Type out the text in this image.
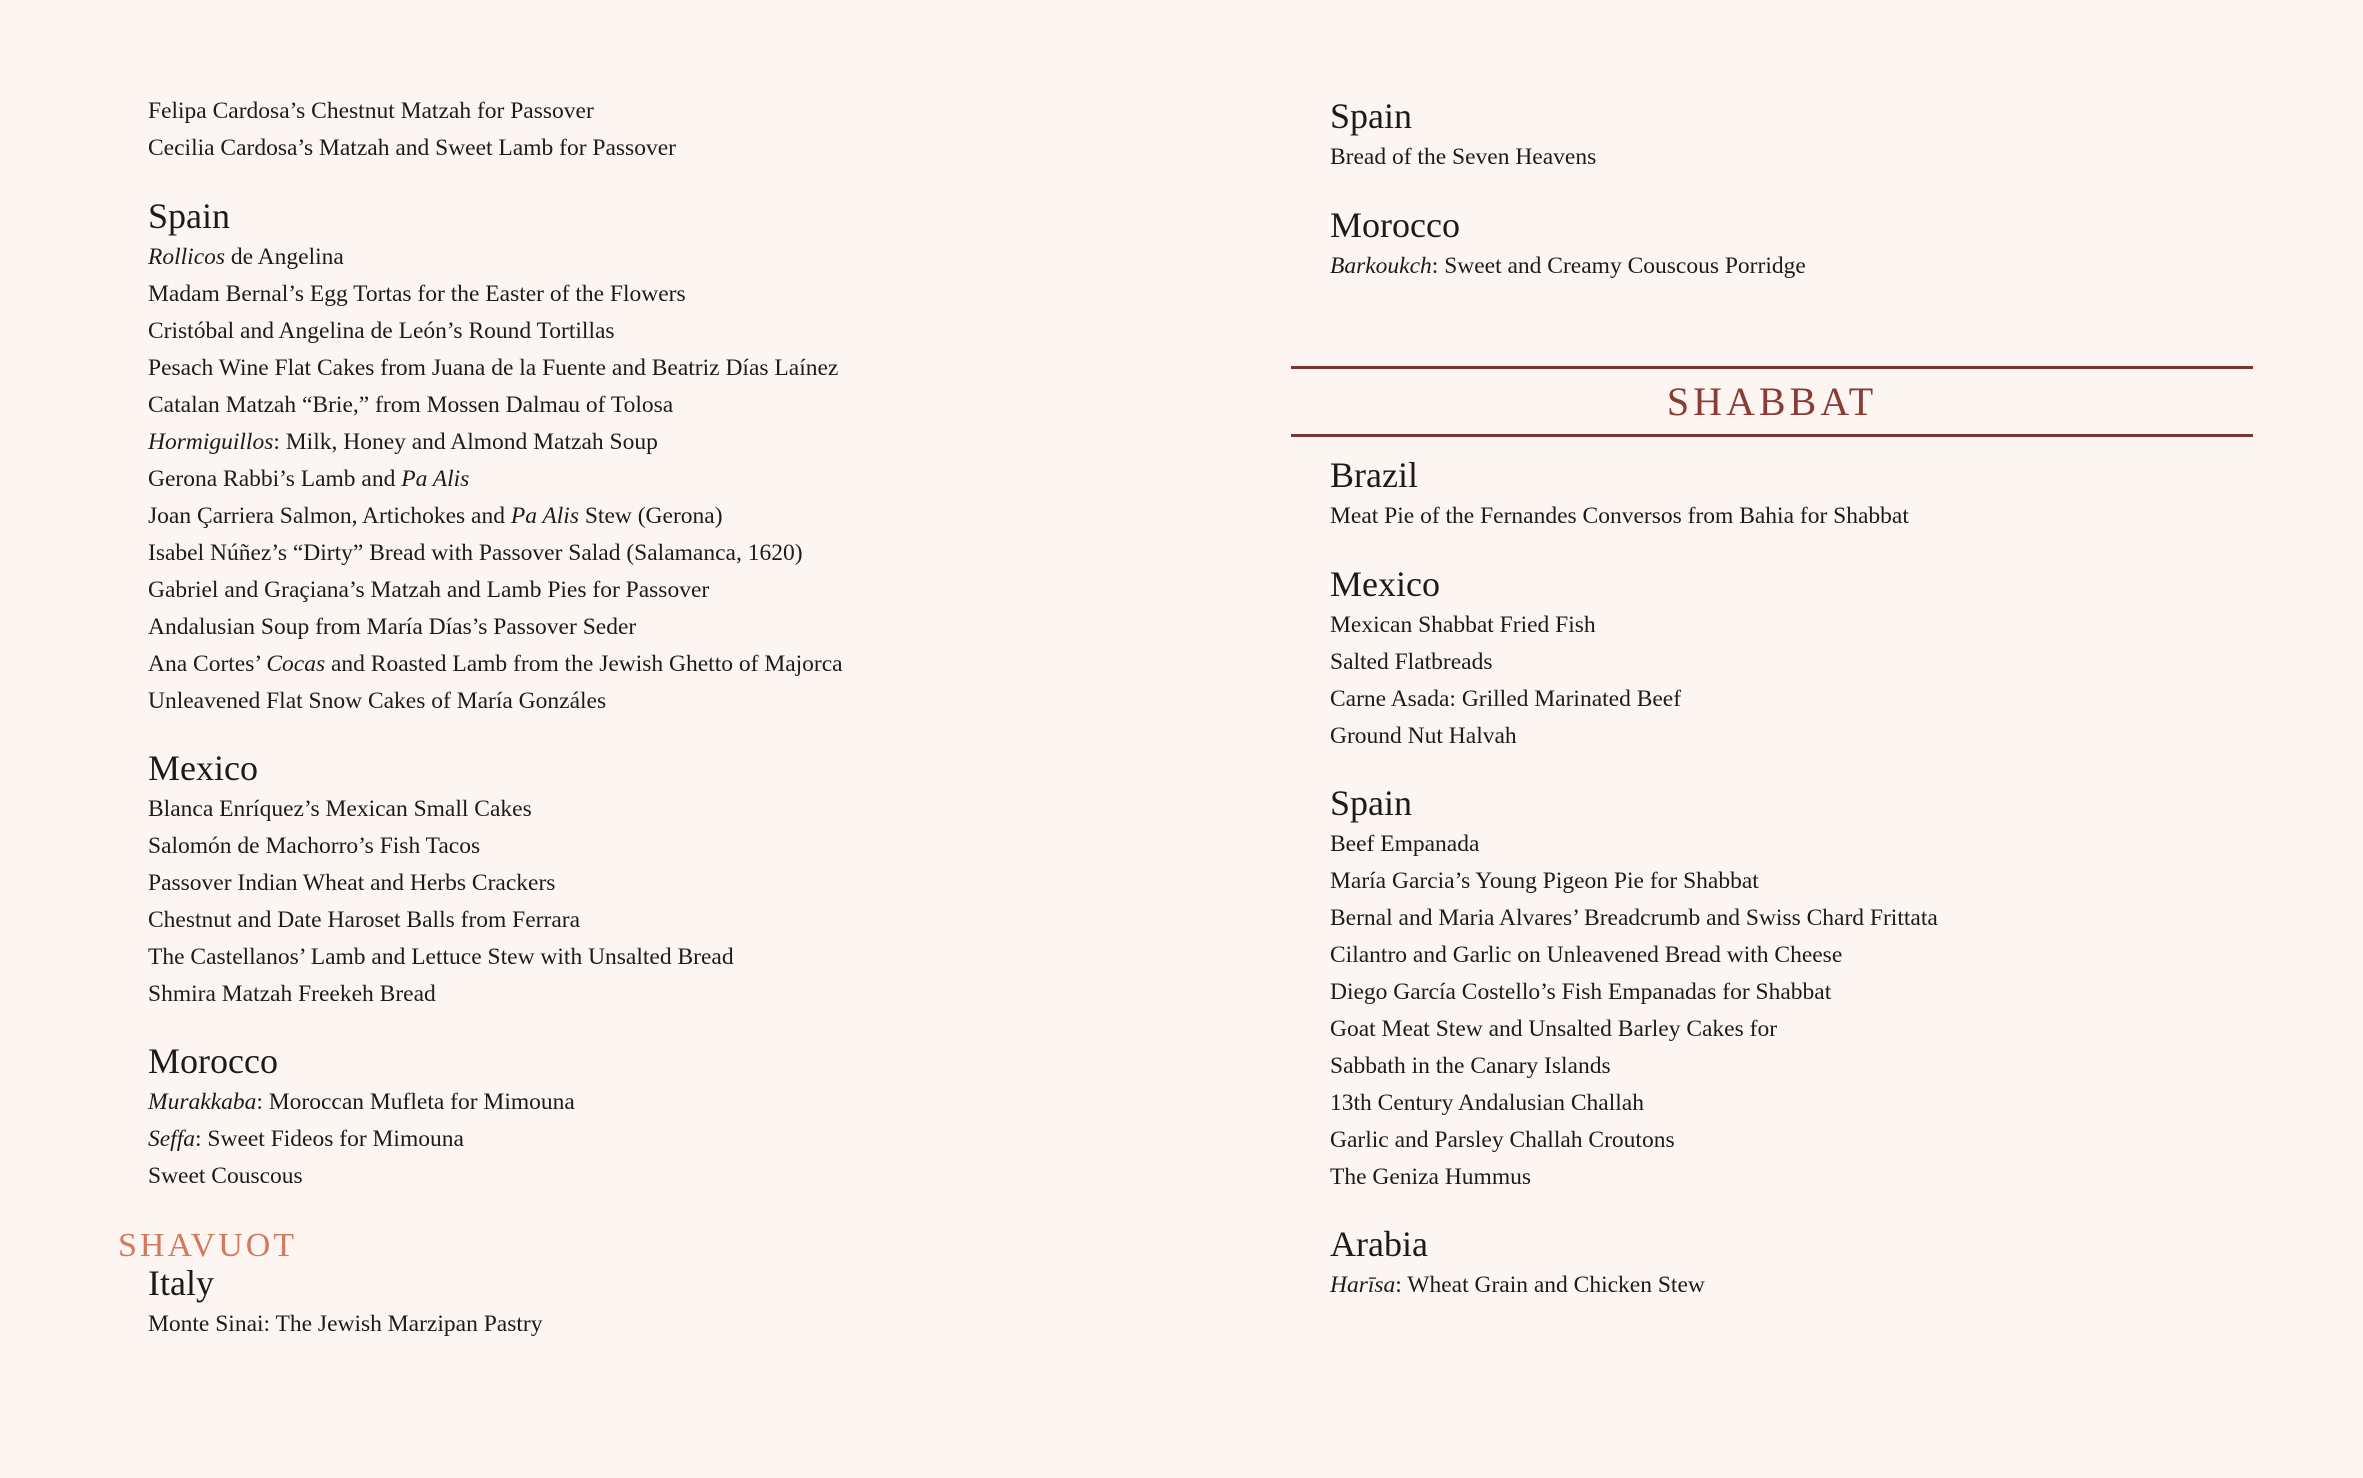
Felipa Cardosa’s Chestnut Matzah for Passover
Cecilia Cardosa’s Matzah and Sweet Lamb for Passover
Spain
Rollicos de Angelina
Madam Bernal’s Egg Tortas for the Easter of the Flowers
Cristóbal and Angelina de León’s Round Tortillas
Pesach Wine Flat Cakes from Juana de la Fuente and Beatriz Días Laínez
Catalan Matzah “Brie,” from Mossen Dalmau of Tolosa
Hormiguillos: Milk, Honey and Almond Matzah Soup
Gerona Rabbi’s Lamb and Pa Alis
Joan Çarriera Salmon, Artichokes and Pa Alis Stew (Gerona)
Isabel Núñez’s “Dirty” Bread with Passover Salad (Salamanca, 1620)
Gabriel and Graçiana’s Matzah and Lamb Pies for Passover
Andalusian Soup from María Días’s Passover Seder
Ana Cortes’ Cocas and Roasted Lamb from the Jewish Ghetto of Majorca
Unleavened Flat Snow Cakes of María Gonzáles
Mexico
Blanca Enríquez’s Mexican Small Cakes
Salomón de Machorro’s Fish Tacos
Passover Indian Wheat and Herbs Crackers
Chestnut and Date Haroset Balls from Ferrara
The Castellanos’ Lamb and Lettuce Stew with Unsalted Bread
Shmira Matzah Freekeh Bread
Morocco
Murakkaba: Moroccan Mufleta for Mimouna
Seffa: Sweet Fideos for Mimouna
Sweet Couscous
Italy
Monte Sinai: The Jewish Marzipan Pastry
SHAVUOT
Spain
Bread of the Seven Heavens
Morocco
Barkoukch: Sweet and Creamy Couscous Porridge
Brazil
Meat Pie of the Fernandes Conversos from Bahia for Shabbat
Mexico
Mexican Shabbat Fried Fish
Salted Flatbreads
Carne Asada: Grilled Marinated Beef
Ground Nut Halvah
Spain
Beef Empanada
María Garcia’s Young Pigeon Pie for Shabbat
Bernal and Maria Alvares’ Breadcrumb and Swiss Chard Frittata
Cilantro and Garlic on Unleavened Bread with Cheese
Diego García Costello’s Fish Empanadas for Shabbat
Goat Meat Stew and Unsalted Barley Cakes for
Sabbath in the Canary Islands
13th Century Andalusian Challah
Garlic and Parsley Challah Croutons
The Geniza Hummus
Arabia
Harīsa: Wheat Grain and Chicken Stew
SHABBAT
